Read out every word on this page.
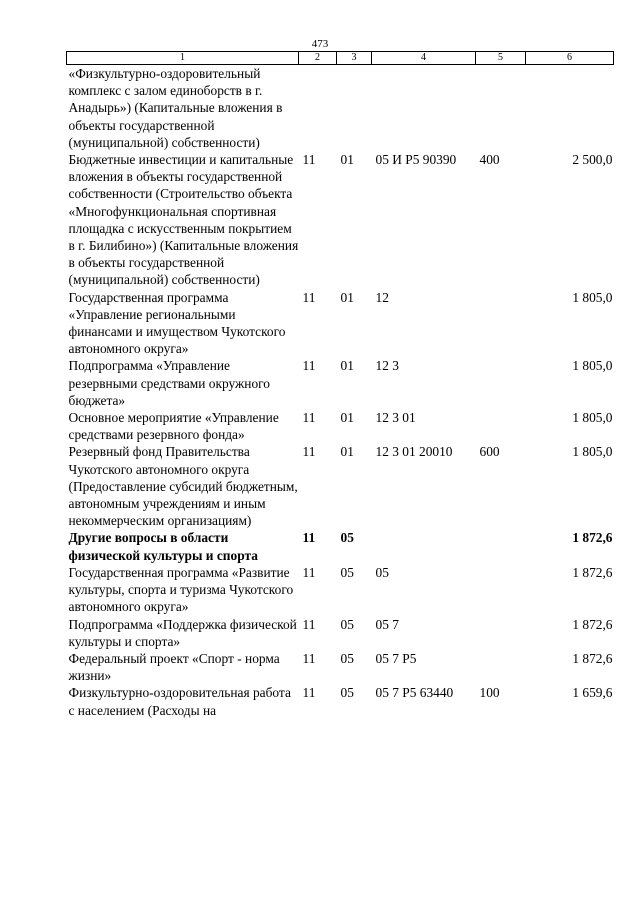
473
1	2	3	4	5	6
«Физкультурно-оздоровительный комплекс с залом единоборств в г. Анадырь») (Капитальные вложения в объекты государственной (муниципальной) собственности)					
Бюджетные инвестиции и капитальные вложения в объекты государственной собственности (Строительство объекта «Многофункциональная спортивная площадка с искусственным покрытием в г. Билибино») (Капитальные вложения в объекты государственной (муниципальной) собственности)	11	01	05 И Р5 90390	400	2 500,0
Государственная программа «Управление региональными финансами и имуществом Чукотского автономного округа»	11	01	12		1 805,0
Подпрограмма «Управление резервными средствами окружного бюджета»	11	01	12 3		1 805,0
Основное мероприятие «Управление средствами резервного фонда»	11	01	12 3 01		1 805,0
Резервный фонд Правительства Чукотского автономного округа (Предоставление субсидий бюджетным, автономным учреждениям и иным некоммерческим организациям)	11	01	12 3 01 20010	600	1 805,0
Другие вопросы в области физической культуры и спорта	11	05			1 872,6
Государственная программа «Развитие культуры, спорта и туризма Чукотского автономного округа»	11	05	05		1 872,6
Подпрограмма «Поддержка физической культуры и спорта»	11	05	05 7		1 872,6
Федеральный проект «Спорт - норма жизни»	11	05	05 7 Р5		1 872,6
Физкультурно-оздоровительная работа с населением (Расходы на	11	05	05 7 Р5 63440	100	1 659,6
